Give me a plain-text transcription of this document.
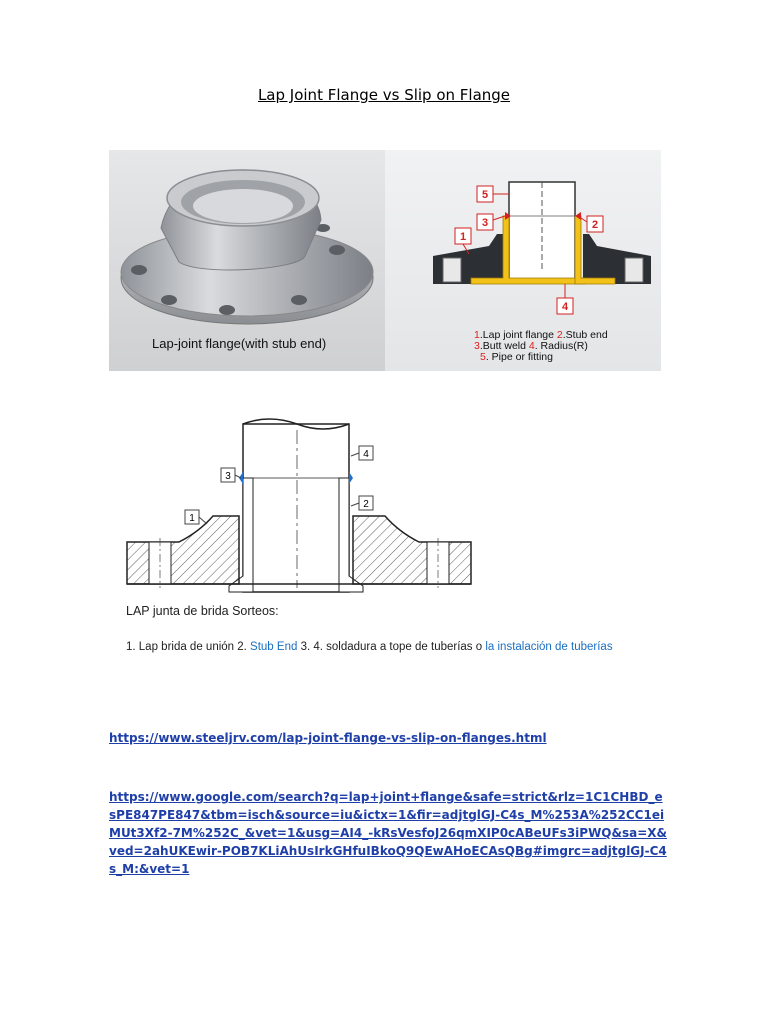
Lap Joint Flange vs Slip on Flange
Lap-joint flange(with stub end)
5
3	2
1
4
1.Lap joint flange 2.Stub end
3.Butt weld 4. Radius(R)
5. Pipe or fitting
3
4
2
1
LAP junta de brida Sorteos:
1. Lap brida de unión 2. Stub End 3. 4. soldadura a tope de tuberías o la instalación de tuberías
https://www.steeljrv.com/lap-joint-flange-vs-slip-on-flanges.html
https://www.google.com/search?q=lap+joint+flange&safe=strict&rlz=1C1CHBD_esPE847PE847&tbm=isch&source=iu&ictx=1&fir=adjtglGJ-C4s_M%253A%252CC1eiMUt3Xf2-7M%252C_&vet=1&usg=AI4_-kRsVesfoJ26qmXIP0cABeUFs3iPWQ&sa=X&ved=2ahUKEwir-POB7KLiAhUsIrkGHfuIBkoQ9QEwAHoECAsQBg#imgrc=adjtglGJ-C4s_M:&vet=1
